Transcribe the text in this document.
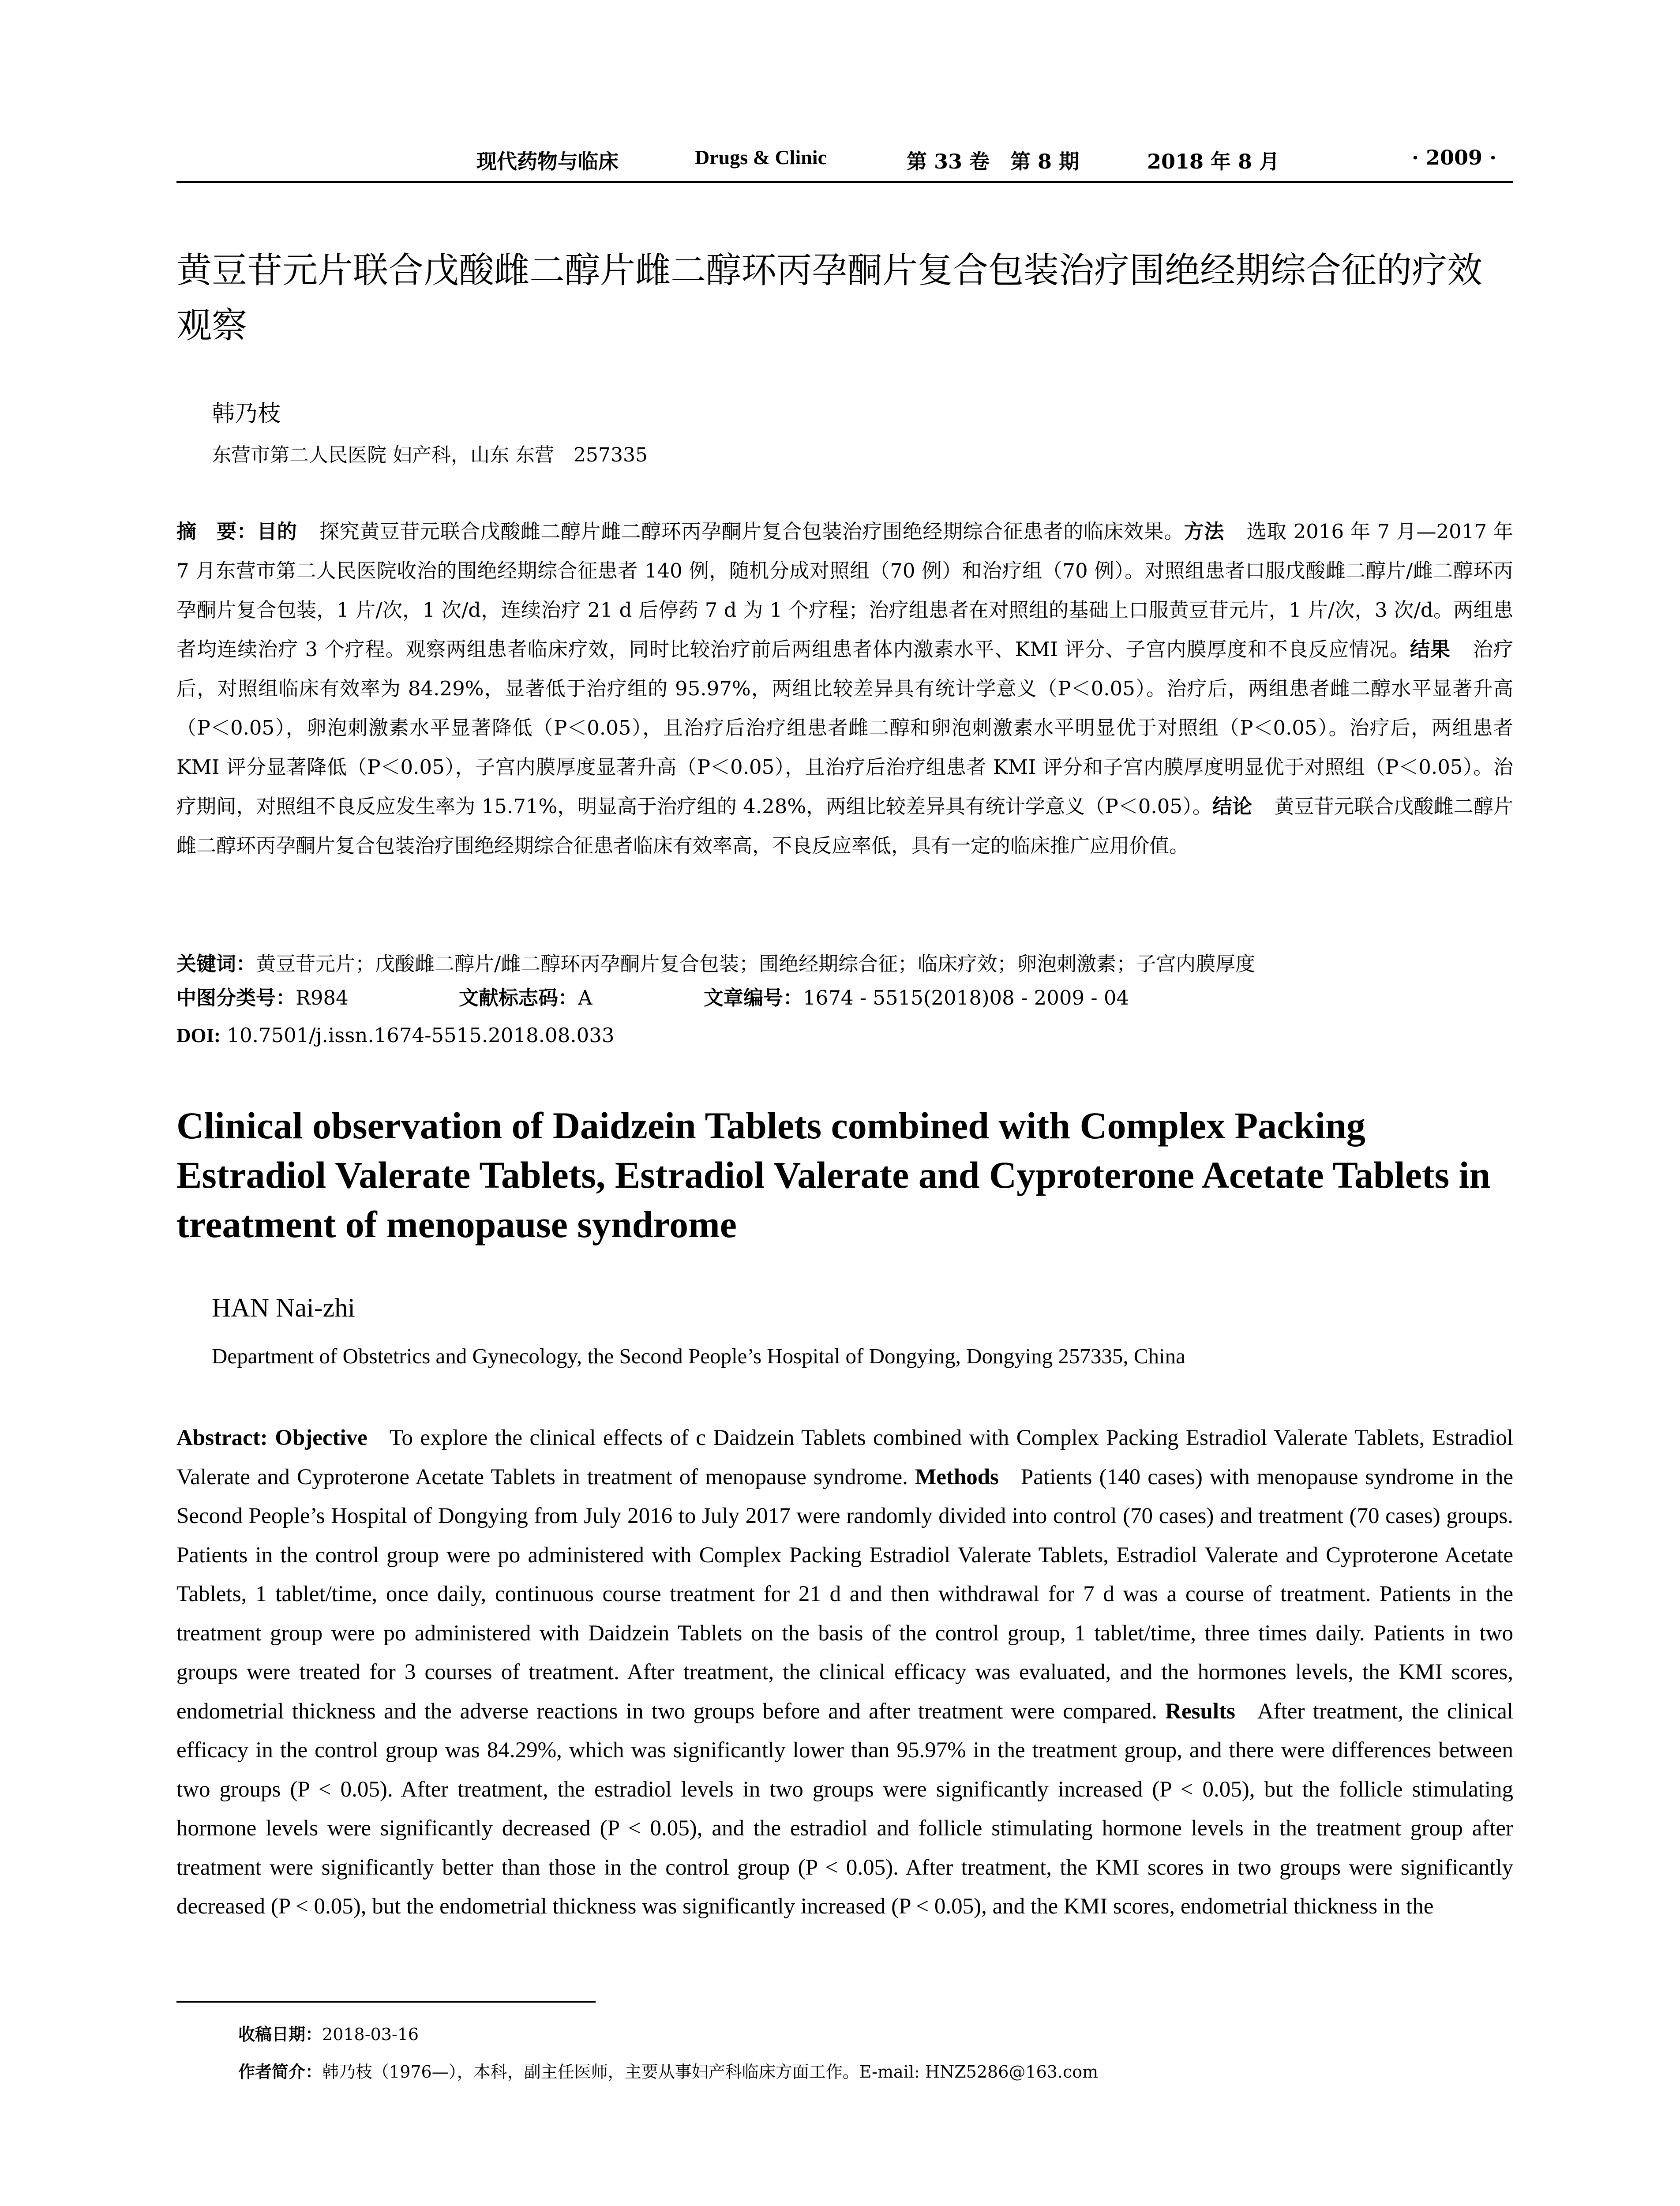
现代药物与临床	Drugs & Clinic	第 33 卷 第 8 期	2018 年 8 月	· 2009 ·
黄豆苷元片联合戊酸雌二醇片雌二醇环丙孕酮片复合包装治疗围绝经期综合征的疗效观察
韩乃枝
东营市第二人民医院 妇产科，山东 东营　257335

摘　要：目的 探究黄豆苷元联合戊酸雌二醇片雌二醇环丙孕酮片复合包装治疗围绝经期综合征患者的临床效果。方法 选取 2016 年 7 月—2017 年 7 月东营市第二人民医院收治的围绝经期综合征患者 140 例，随机分成对照组（70 例）和治疗组（70 例）。对照组患者口服戊酸雌二醇片/雌二醇环丙孕酮片复合包装，1 片/次，1 次/d，连续治疗 21 d 后停药 7 d 为 1 个疗程；治疗组患者在对照组的基础上口服黄豆苷元片，1 片/次，3 次/d。两组患者均连续治疗 3 个疗程。观察两组患者临床疗效，同时比较治疗前后两组患者体内激素水平、KMI 评分、子宫内膜厚度和不良反应情况。结果 治疗后，对照组临床有效率为 84.29%，显著低于治疗组的 95.97%，两组比较差异具有统计学意义（P＜0.05）。治疗后，两组患者雌二醇水平显著升高（P＜0.05），卵泡刺激素水平显著降低（P＜0.05），且治疗后治疗组患者雌二醇和卵泡刺激素水平明显优于对照组（P＜0.05）。治疗后，两组患者 KMI 评分显著降低（P＜0.05），子宫内膜厚度显著升高（P＜0.05），且治疗后治疗组患者 KMI 评分和子宫内膜厚度明显优于对照组（P＜0.05）。治疗期间，对照组不良反应发生率为 15.71%，明显高于治疗组的 4.28%，两组比较差异具有统计学意义（P＜0.05）。结论 黄豆苷元联合戊酸雌二醇片雌二醇环丙孕酮片复合包装治疗围绝经期综合征患者临床有效率高，不良反应率低，具有一定的临床推广应用价值。

关键词：黄豆苷元片；戊酸雌二醇片/雌二醇环丙孕酮片复合包装；围绝经期综合征；临床疗效；卵泡刺激素；子宫内膜厚度

中图分类号：R984	文献标志码：A	文章编号：1674 - 5515(2018)08 - 2009 - 04
DOI: 10.7501/j.issn.1674-5515.2018.08.033
Clinical observation of Daidzein Tablets combined with Complex Packing Estradiol Valerate Tablets, Estradiol Valerate and Cyproterone Acetate Tablets in treatment of menopause syndrome
HAN Nai-zhi
Department of Obstetrics and Gynecology, the Second People’s Hospital of Dongying, Dongying 257335, China

Abstract: Objective To explore the clinical effects of c Daidzein Tablets combined with Complex Packing Estradiol Valerate Tablets, Estradiol Valerate and Cyproterone Acetate Tablets in treatment of menopause syndrome. Methods Patients (140 cases) with menopause syndrome in the Second People’s Hospital of Dongying from July 2016 to July 2017 were randomly divided into control (70 cases) and treatment (70 cases) groups. Patients in the control group were po administered with Complex Packing Estradiol Valerate Tablets, Estradiol Valerate and Cyproterone Acetate Tablets, 1 tablet/time, once daily, continuous course treatment for 21 d and then withdrawal for 7 d was a course of treatment. Patients in the treatment group were po administered with Daidzein Tablets on the basis of the control group, 1 tablet/time, three times daily. Patients in two groups were treated for 3 courses of treatment. After treatment, the clinical efficacy was evaluated, and the hormones levels, the KMI scores, endometrial thickness and the adverse reactions in two groups before and after treatment were compared. Results After treatment, the clinical efficacy in the control group was 84.29%, which was significantly lower than 95.97% in the treatment group, and there were differences between two groups (P < 0.05). After treatment, the estradiol levels in two groups were significantly increased (P < 0.05), but the follicle stimulating hormone levels were significantly decreased (P < 0.05), and the estradiol and follicle stimulating hormone levels in the treatment group after treatment were significantly better than those in the control group (P < 0.05). After treatment, the KMI scores in two groups were significantly decreased (P < 0.05), but the endometrial thickness was significantly increased (P < 0.05), and the KMI scores, endometrial thickness in the

收稿日期：2018-03-16
作者简介：韩乃枝（1976—），本科，副主任医师，主要从事妇产科临床方面工作。E-mail: HNZ5286@163.com
